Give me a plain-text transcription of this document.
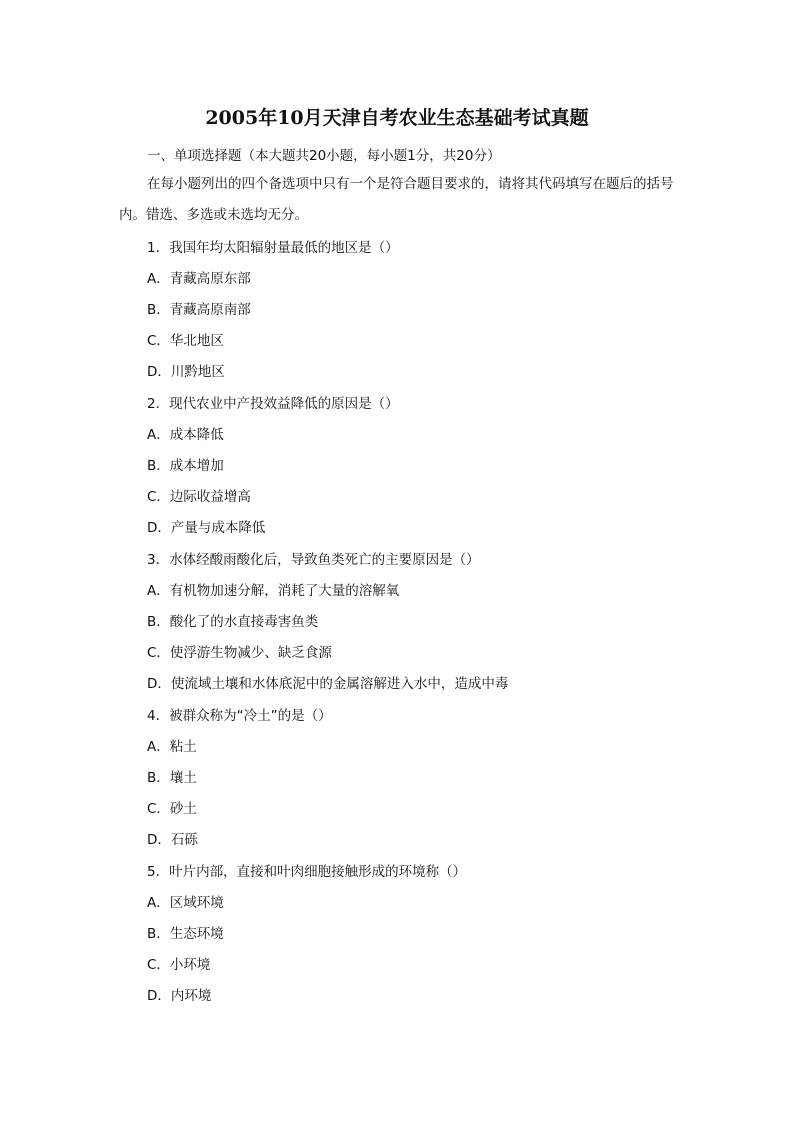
2005年10月天津自考农业生态基础考试真题
一、单项选择题（本大题共20小题，每小题1分，共20分）
在每小题列出的四个备选项中只有一个是符合题目要求的，请将其代码填写在题后的括号内。错选、多选或未选均无分。
1．我国年均太阳辐射量最低的地区是（）
A．青藏高原东部
B．青藏高原南部
C．华北地区
D．川黔地区
2．现代农业中产投效益降低的原因是（）
A．成本降低
B．成本增加
C．边际收益增高
D．产量与成本降低
3．水体经酸雨酸化后，导致鱼类死亡的主要原因是（）
A．有机物加速分解，消耗了大量的溶解氧
B．酸化了的水直接毒害鱼类
C．使浮游生物减少、缺乏食源
D．使流域土壤和水体底泥中的金属溶解进入水中，造成中毒
4．被群众称为“冷土”的是（）
A．粘土
B．壤土
C．砂土
D．石砾
5．叶片内部，直接和叶肉细胞接触形成的环境称（）
A．区域环境
B．生态环境
C．小环境
D．内环境
